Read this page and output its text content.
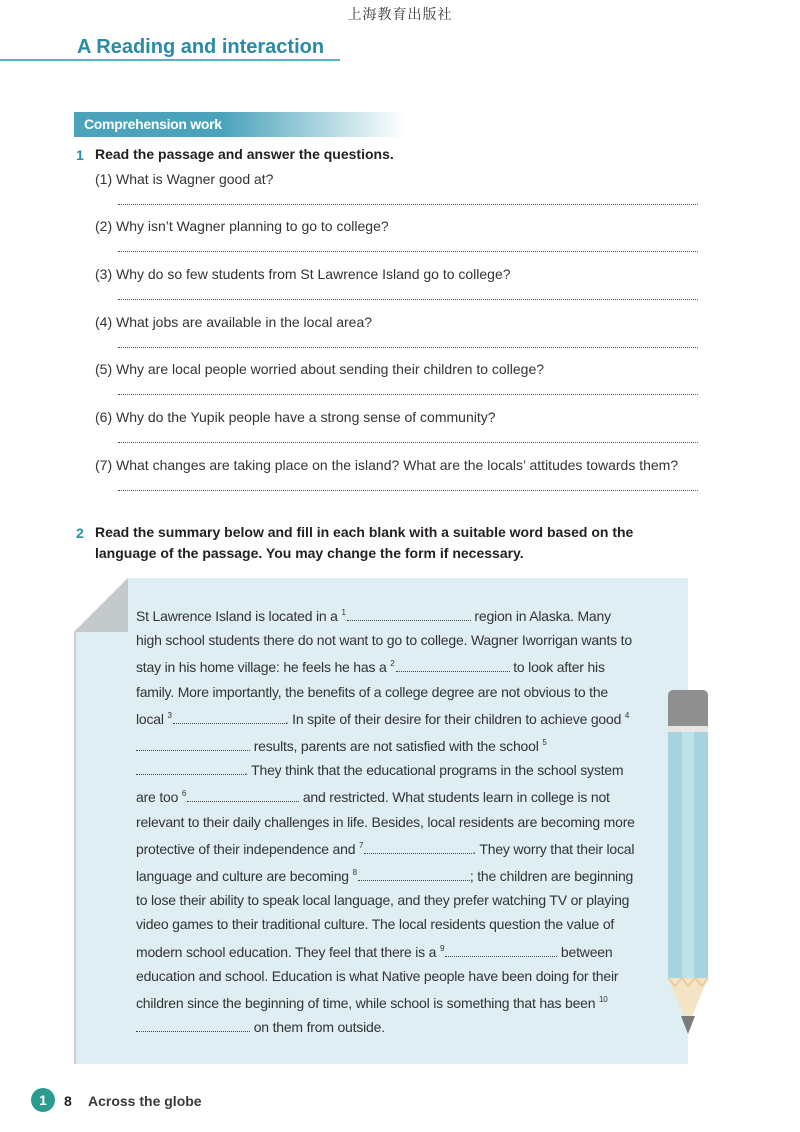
上海教育出版社
A Reading and interaction
Comprehension work
1 Read the passage and answer the questions.
(1) What is Wagner good at?
(2) Why isn’t Wagner planning to go to college?
(3) Why do so few students from St Lawrence Island go to college?
(4) What jobs are available in the local area?
(5) Why are local people worried about sending their children to college?
(6) Why do the Yupik people have a strong sense of community?
(7) What changes are taking place on the island? What are the locals’ attitudes towards them?
2 Read the summary below and fill in each blank with a suitable word based on the
language of the passage. You may change the form if necessary.
St Lawrence Island is located in a $^1$	region in Alaska. Many high school students there do not want to go to college. Wagner Iworrigan wants to stay in his home village: he feels he has a $^2$	to look after his family. More importantly, the benefits of a college degree are not obvious to the local $^3$	. In spite of their desire for their children to achieve good $^4$ results, parents are not satisfied with the school $^5$. They think that the educational programs in the school system are too $^6$	and restricted. What students learn in college is not relevant to their daily challenges in life. Besides, local residents are becoming more protective of their independence and $^7$	. They worry that their local language and culture are becoming $^8$	; the children are beginning to lose their ability to speak local language, and they prefer watching TV or playing video games to their traditional culture. The local residents question the value of modern school education. They feel that there is a $^9$	between education and school. Education is what Native people have been doing for their children since the beginning of time, while school is something that has been $^{10}$ on them from outside.
1	8 Across the globe
